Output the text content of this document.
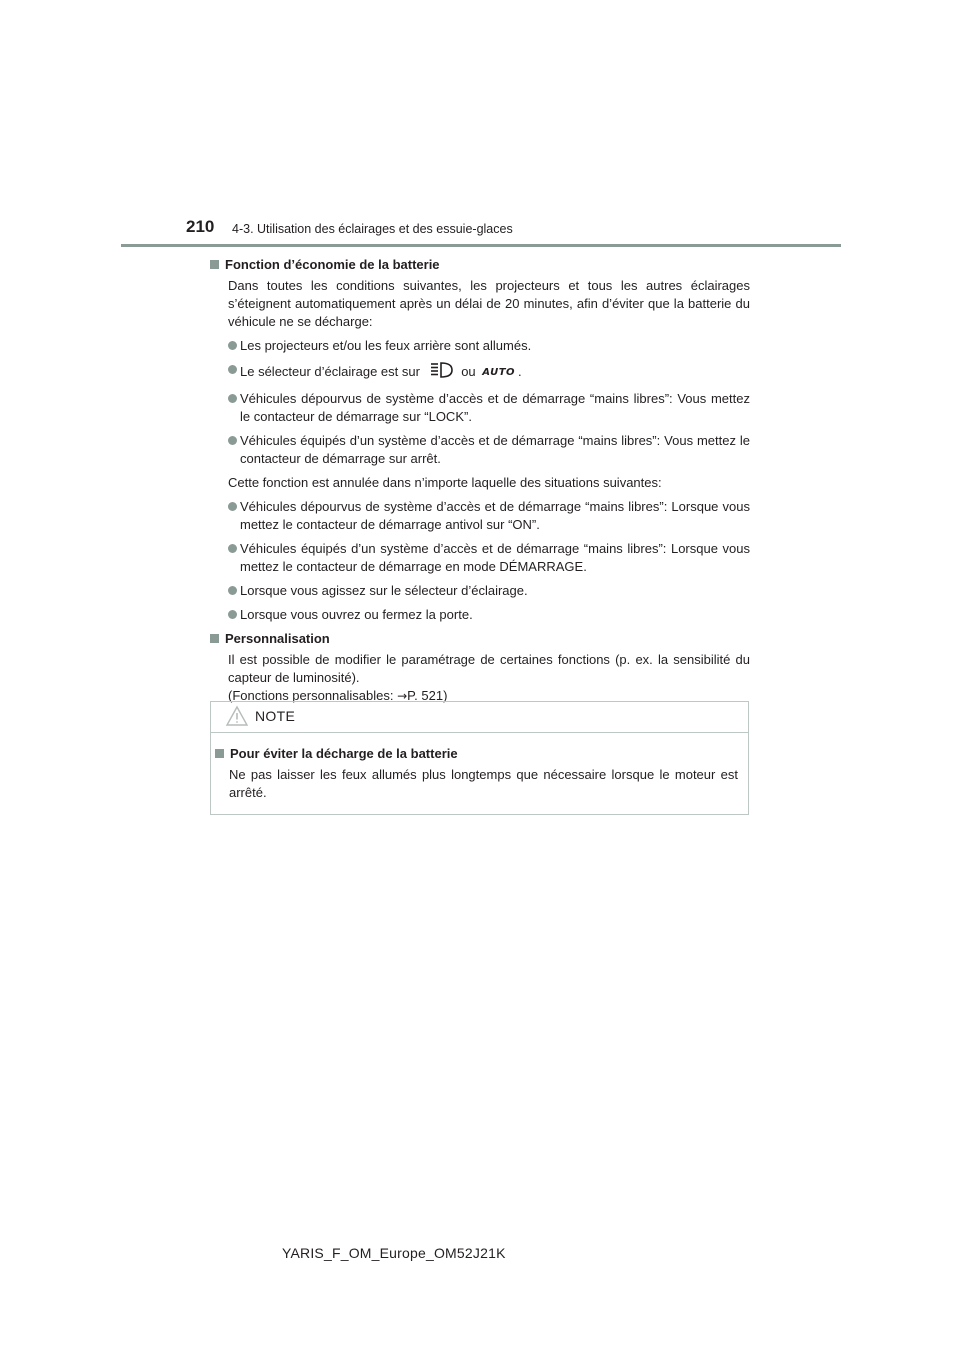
210 4-3. Utilisation des éclairages et des essuie-glaces
Fonction d’économie de la batterie
Dans toutes les conditions suivantes, les projecteurs et tous les autres éclairages s’éteignent automatiquement après un délai de 20 minutes, afin d’éviter que la batterie du véhicule ne se décharge:
Les projecteurs et/ou les feux arrière sont allumés.
Le sélecteur d’éclairage est sur	ou AUTO .
Véhicules dépourvus de système d’accès et de démarrage “mains libres”: Vous mettez le contacteur de démarrage sur “LOCK”.
Véhicules équipés d’un système d’accès et de démarrage “mains libres”: Vous mettez le contacteur de démarrage sur arrêt.
Cette fonction est annulée dans n’importe laquelle des situations suivantes:
Véhicules dépourvus de système d’accès et de démarrage “mains libres”: Lorsque vous mettez le contacteur de démarrage antivol sur “ON”.
Véhicules équipés d’un système d’accès et de démarrage “mains libres”: Lorsque vous mettez le contacteur de démarrage en mode DÉMARRAGE.
Lorsque vous agissez sur le sélecteur d’éclairage.
Lorsque vous ouvrez ou fermez la porte.
Personnalisation
Il est possible de modifier le paramétrage de certaines fonctions (p. ex. la sensibilité du capteur de luminosité).
(Fonctions personnalisables: →P. 521)
NOTE
Pour éviter la décharge de la batterie
Ne pas laisser les feux allumés plus longtemps que nécessaire lorsque le moteur est arrêté.
YARIS_F_OM_Europe_OM52J21K
